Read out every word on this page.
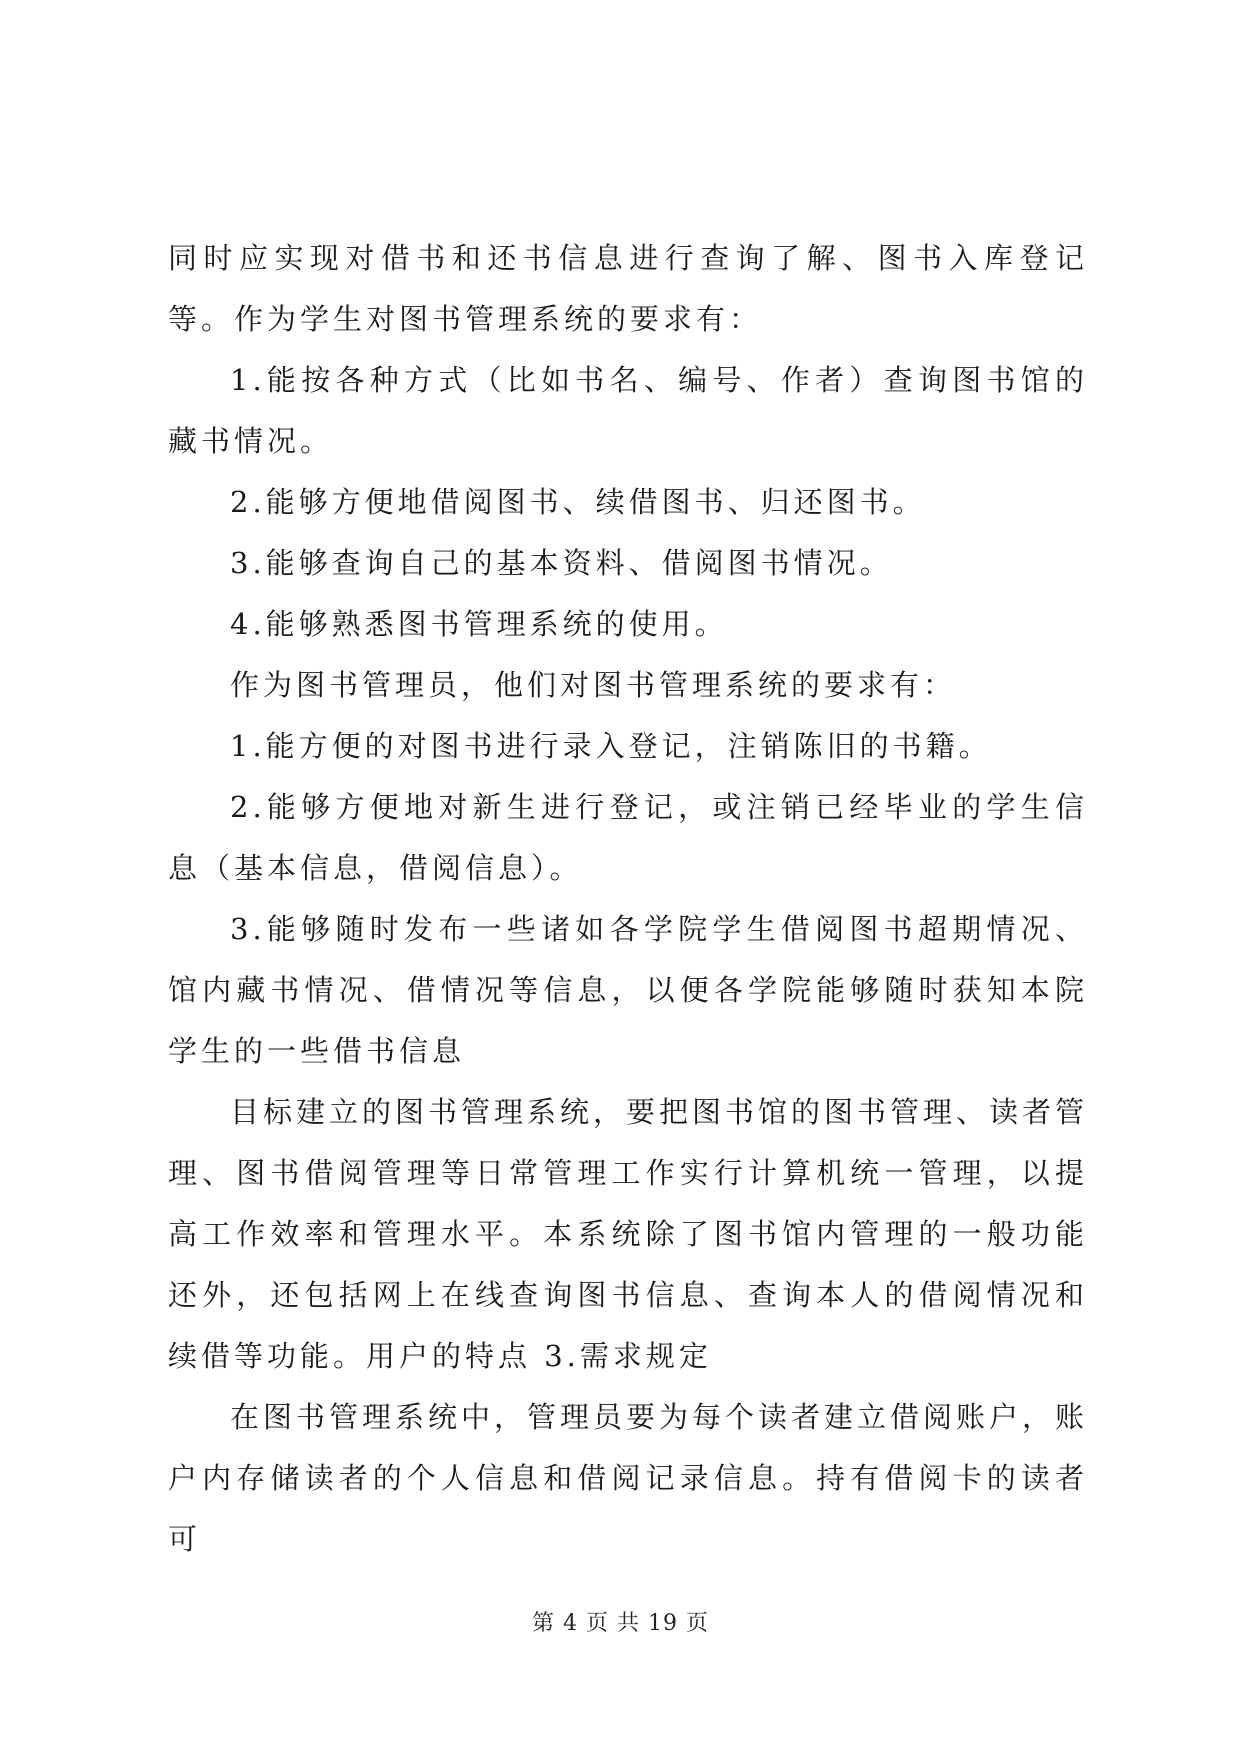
同时应实现对借书和还书信息进行查询了解、图书入库登记等。作为学生对图书管理系统的要求有：

1.能按各种方式（比如书名、编号、作者）查询图书馆的藏书情况。

2.能够方便地借阅图书、续借图书、归还图书。

3.能够查询自己的基本资料、借阅图书情况。

4.能够熟悉图书管理系统的使用。

作为图书管理员，他们对图书管理系统的要求有：

1.能方便的对图书进行录入登记，注销陈旧的书籍。

2.能够方便地对新生进行登记，或注销已经毕业的学生信息（基本信息，借阅信息）。

3.能够随时发布一些诸如各学院学生借阅图书超期情况、馆内藏书情况、借情况等信息，以便各学院能够随时获知本院学生的一些借书信息

目标建立的图书管理系统，要把图书馆的图书管理、读者管理、图书借阅管理等日常管理工作实行计算机统一管理，以提高工作效率和管理水平。本系统除了图书馆内管理的一般功能还外，还包括网上在线查询图书信息、查询本人的借阅情况和续借等功能。用户的特点 3.需求规定

在图书管理系统中，管理员要为每个读者建立借阅账户，账户内存储读者的个人信息和借阅记录信息。持有借阅卡的读者可

第 4 页 共 19 页
